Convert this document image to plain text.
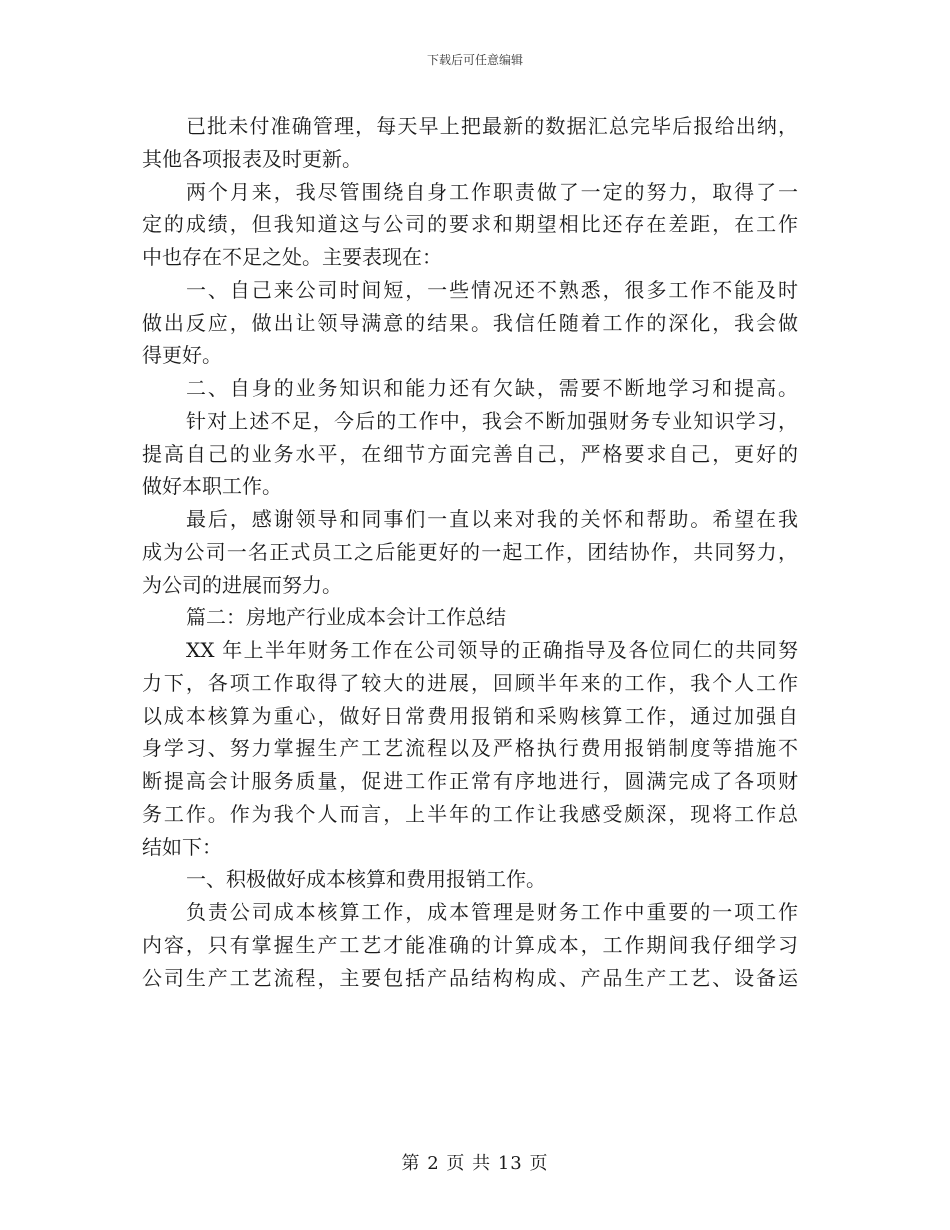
下载后可任意编辑
已批未付准确管理，每天早上把最新的数据汇总完毕后报给出纳，
其他各项报表及时更新。
两个月来，我尽管围绕自身工作职责做了一定的努力，取得了一
定的成绩，但我知道这与公司的要求和期望相比还存在差距，在工作
中也存在不足之处。主要表现在：
一、自己来公司时间短，一些情况还不熟悉，很多工作不能及时
做出反应，做出让领导满意的结果。我信任随着工作的深化，我会做
得更好。
二、自身的业务知识和能力还有欠缺，需要不断地学习和提高。
针对上述不足，今后的工作中，我会不断加强财务专业知识学习，
提高自己的业务水平，在细节方面完善自己，严格要求自己，更好的
做好本职工作。
最后，感谢领导和同事们一直以来对我的关怀和帮助。希望在我
成为公司一名正式员工之后能更好的一起工作，团结协作，共同努力，
为公司的进展而努力。
篇二：房地产行业成本会计工作总结
XX 年上半年财务工作在公司领导的正确指导及各位同仁的共同努
力下，各项工作取得了较大的进展，回顾半年来的工作，我个人工作
以成本核算为重心，做好日常费用报销和采购核算工作，通过加强自
身学习、努力掌握生产工艺流程以及严格执行费用报销制度等措施不
断提高会计服务质量，促进工作正常有序地进行，圆满完成了各项财
务工作。作为我个人而言，上半年的工作让我感受颇深，现将工作总
结如下：
一、积极做好成本核算和费用报销工作。
负责公司成本核算工作，成本管理是财务工作中重要的一项工作
内容，只有掌握生产工艺才能准确的计算成本，工作期间我仔细学习
公司生产工艺流程，主要包括产品结构构成、产品生产工艺、设备运
第 2 页 共 13 页
